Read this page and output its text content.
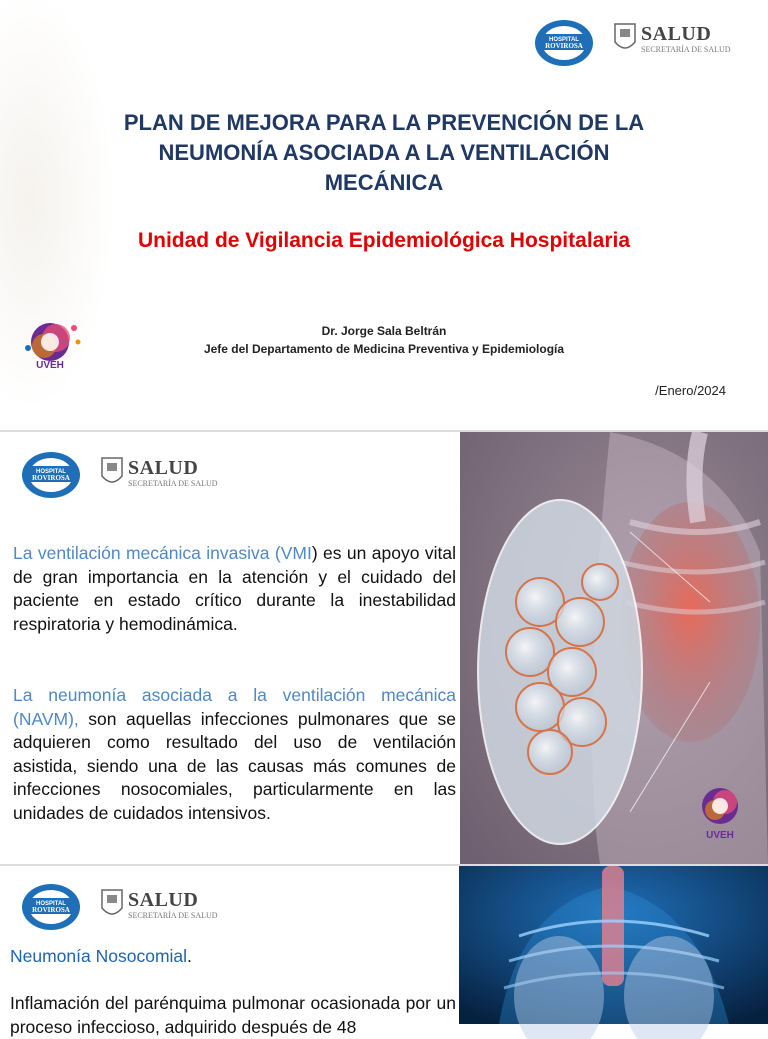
HOSPITAL
ROVIROSA
SALUD
SECRETARÍA DE SALUD
PLAN DE MEJORA PARA LA PREVENCIÓN DE LA
NEUMONÍA ASOCIADA A LA VENTILACIÓN
MECÁNICA
Unidad de Vigilancia Epidemiológica Hospitalaria
Dr. Jorge Sala Beltrán
Jefe del Departamento de Medicina Preventiva y Epidemiología
/Enero/2024
UVEH
HOSPITAL
ROVIROSA	SALUD
SECRETARÍA DE SALUD
La ventilación mecánica invasiva (VMI) es un apoyo vital de gran importancia en la atención y el cuidado del paciente en estado crítico durante la inestabilidad respiratoria y hemodinámica.
La neumonía asociada a la ventilación mecánica (NAVM), son aquellas infecciones pulmonares que se adquieren como resultado del uso de ventilación asistida, siendo una de las causas más comunes de infecciones nosocomiales, particularmente en las unidades de cuidados intensivos.
UVEH
HOSPITAL
ROVIROSA	SALUD
SECRETARÍA DE SALUD
Neumonía Nosocomial.
Inflamación del parénquima pulmonar ocasionada por un proceso infeccioso, adquirido después de 48
